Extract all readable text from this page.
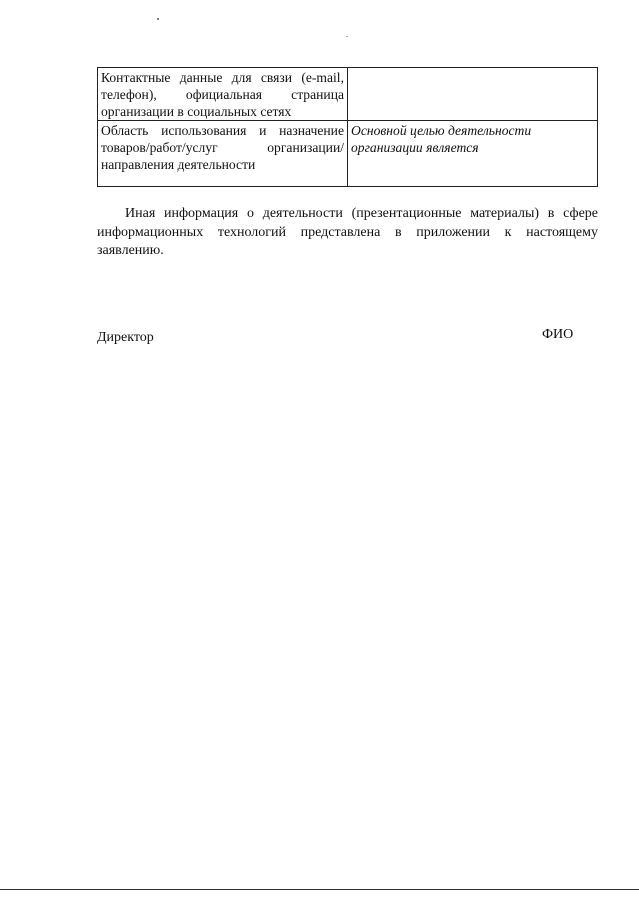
Контактные данные для связи (e-mail, телефон), официальная страница организации в социальных сетях	
Область использования и назначение товаров/работ/услуг организации/направления деятельности	Основной целью деятельности организации является

Иная информация о деятельности (презентационные материалы) в сфере информационных технологий представлена в приложении к настоящему заявлению.

Директор	ФИО
